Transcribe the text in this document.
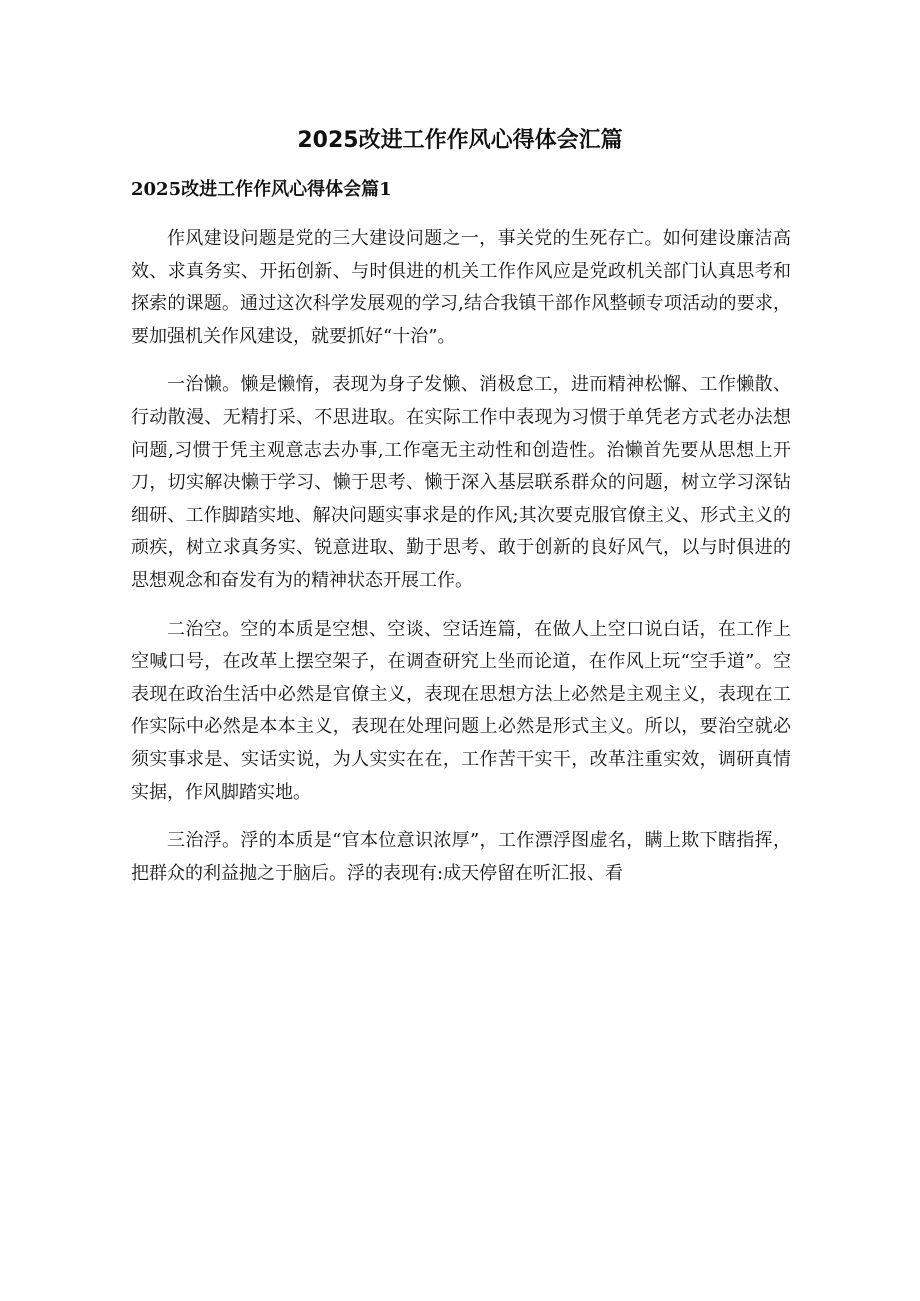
2025改进工作作风心得体会汇篇
2025改进工作作风心得体会篇1

作风建设问题是党的三大建设问题之一，事关党的生死存亡。如何建设廉洁高效、求真务实、开拓创新、与时俱进的机关工作作风应是党政机关部门认真思考和探索的课题。通过这次科学发展观的学习,结合我镇干部作风整顿专项活动的要求，要加强机关作风建设，就要抓好“十治”。

一治懒。懒是懒惰，表现为身子发懒、消极怠工，进而精神松懈、工作懒散、行动散漫、无精打采、不思进取。在实际工作中表现为习惯于单凭老方式老办法想问题,习惯于凭主观意志去办事,工作毫无主动性和创造性。治懒首先要从思想上开刀，切实解决懒于学习、懒于思考、懒于深入基层联系群众的问题，树立学习深钻细研、工作脚踏实地、解决问题实事求是的作风;其次要克服官僚主义、形式主义的顽疾，树立求真务实、锐意进取、勤于思考、敢于创新的良好风气，以与时俱进的思想观念和奋发有为的精神状态开展工作。

二治空。空的本质是空想、空谈、空话连篇，在做人上空口说白话，在工作上空喊口号，在改革上摆空架子，在调查研究上坐而论道，在作风上玩“空手道”。空表现在政治生活中必然是官僚主义，表现在思想方法上必然是主观主义，表现在工作实际中必然是本本主义，表现在处理问题上必然是形式主义。所以，要治空就必须实事求是、实话实说，为人实实在在，工作苦干实干，改革注重实效，调研真情实据，作风脚踏实地。

三治浮。浮的本质是“官本位意识浓厚”，工作漂浮图虚名，瞒上欺下瞎指挥，把群众的利益抛之于脑后。浮的表现有:成天停留在听汇报、看
